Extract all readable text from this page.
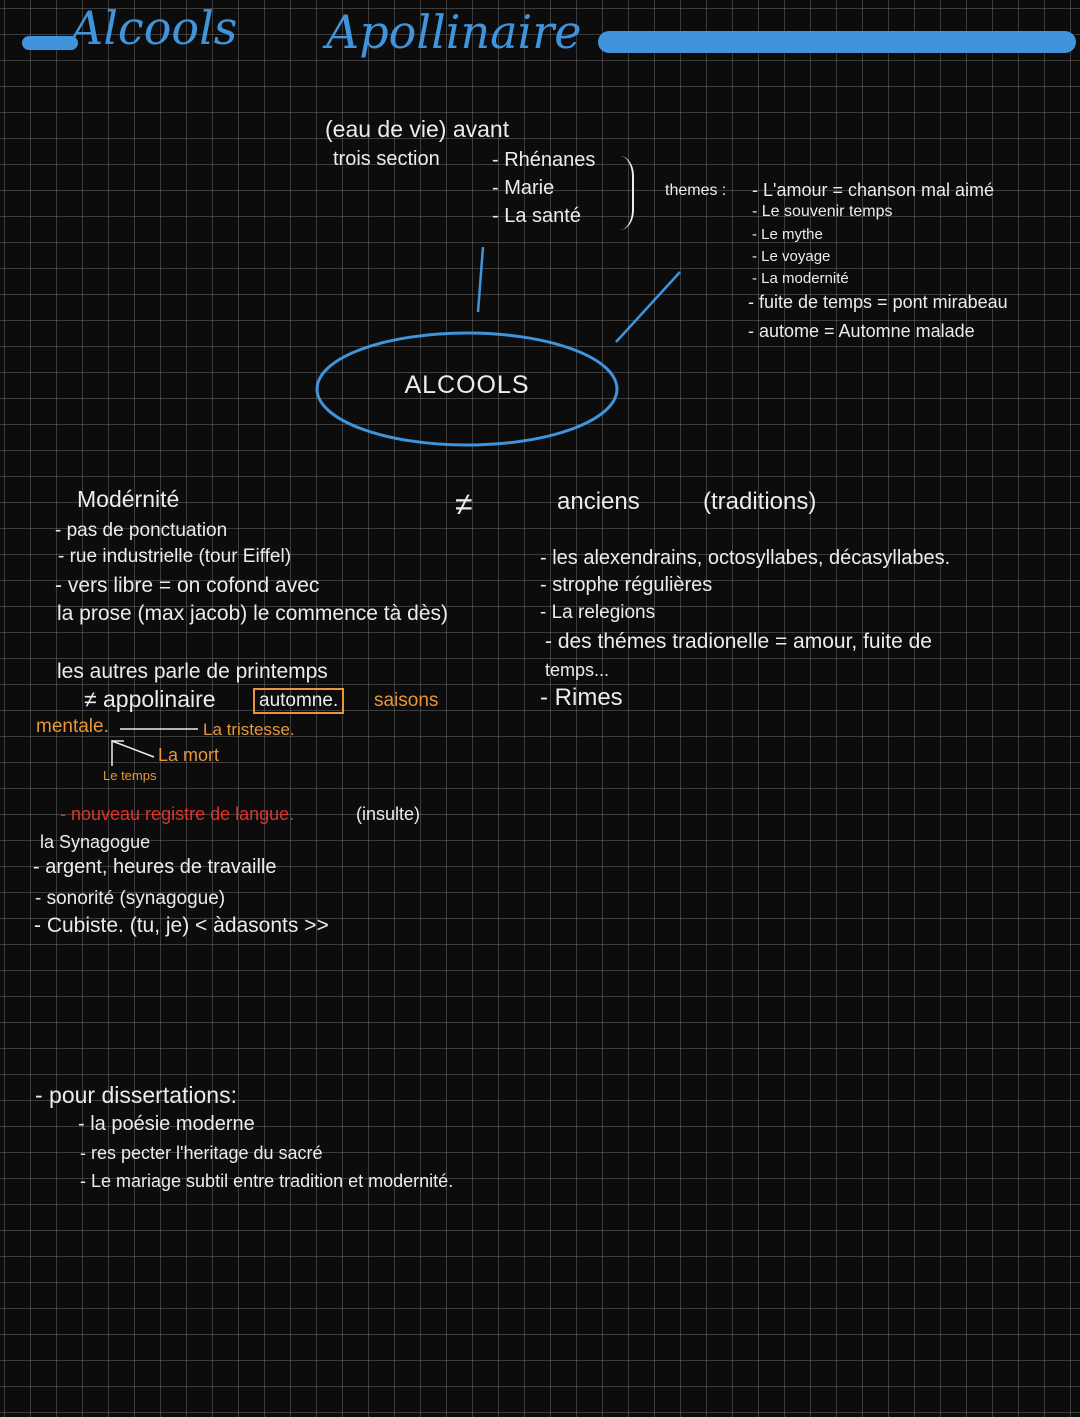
Alcools Apollinaire
(eau de vie) avant
trois section	- Rhénanes
- Marie
- La santé
themes : - L'amour = chanson mal aimé
- Le souvenir temps
- Le mythe
- Le voyage
- La modernité
- fuite de temps = pont mirabeau
- autome = Automne malade
ALCOOLS
Modérnité	≠	anciens	(traditions)
- pas de ponctuation
- rue industrielle (tour Eiffel)
- vers libre = on cofond avec
la prose (max jacob) le commence tà dès)
les autres parle de printemps
≠ appolinaire	automne.	saisons
mentale.	La tristesse.
La mort
Le temps
- nouveau registre de langue.	(insulte)
la Synagogue
- argent, heures de travaille
- sonorité (synagogue)
- Cubiste. (tu, je) < àdasonts >>
- les alexendrains, octosyllabes, décasyllabes.
- strophe régulières
- La relegions
- des thémes tradionelle = amour, fuite de
temps...
- Rimes
- pour dissertations:
- la poésie moderne
- res pecter l'heritage du sacré
- Le mariage subtil entre tradition et modernité.
